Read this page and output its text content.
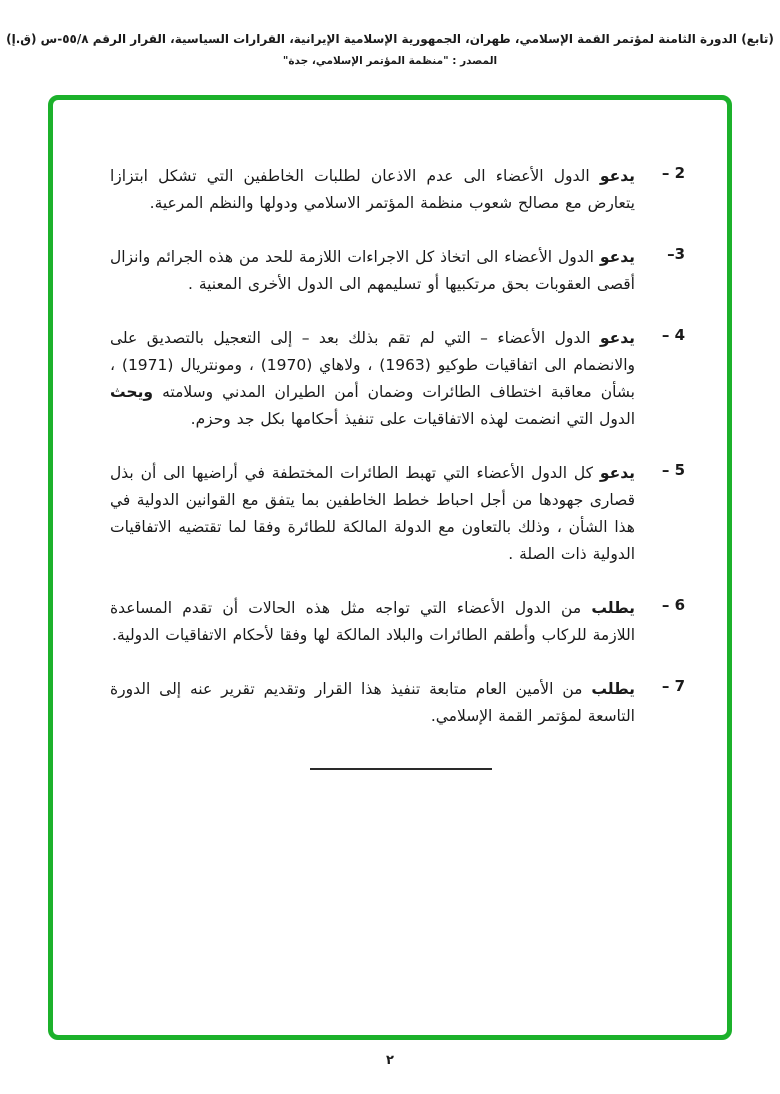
(تابع) الدورة الثامنة لمؤتمر القمة الإسلامي، طهران، الجمهورية الإسلامية الإيرانية، القرارات السياسية، القرار الرقم ٥٥/٨-س (ق.إ)
المصدر : "منظمة المؤتمر الإسلامي، جدة"
2 –
يدعو الدول الأعضاء الى عدم الاذعان لطلبات الخاطفين التي تشكل ابتزازا يتعارض مع مصالح شعوب منظمة المؤتمر الاسلامي ودولها والنظم المرعية.
3–
يدعو الدول الأعضاء الى اتخاذ كل الاجراءات اللازمة للحد من هذه الجرائم وانزال أقصى العقوبات بحق مرتكبيها أو تسليمهم الى الدول الأخرى المعنية .
4 –
يدعو الدول الأعضاء – التي لم تقم بذلك بعد – إلى التعجيل بالتصديق على والانضمام الى اتفاقيات طوكيو (1963) ، ولاهاي (1970) ، ومونتريال (1971) ، بشأن معاقبة اختطاف الطائرات وضمان أمن الطيران المدني وسلامته ويحث الدول التي انضمت لهذه الاتفاقيات على تنفيذ أحكامها بكل جد وحزم.
5 –
يدعو كل الدول الأعضاء التي تهبط الطائرات المختطفة في أراضيها الى أن بذل قصارى جهودها من أجل احباط خطط الخاطفين بما يتفق مع القوانين الدولية في هذا الشأن ، وذلك بالتعاون مع الدولة المالكة للطائرة وفقا لما تقتضيه الاتفاقيات الدولية ذات الصلة .
6 –
يطلب من الدول الأعضاء التي تواجه مثل هذه الحالات أن تقدم المساعدة اللازمة للركاب وأطقم الطائرات والبلاد المالكة لها وفقا لأحكام الاتفاقيات الدولية.
7 –
يطلب من الأمين العام متابعة تنفيذ هذا القرار وتقديم تقرير عنه إلى الدورة التاسعة لمؤتمر القمة الإسلامي.
٢
